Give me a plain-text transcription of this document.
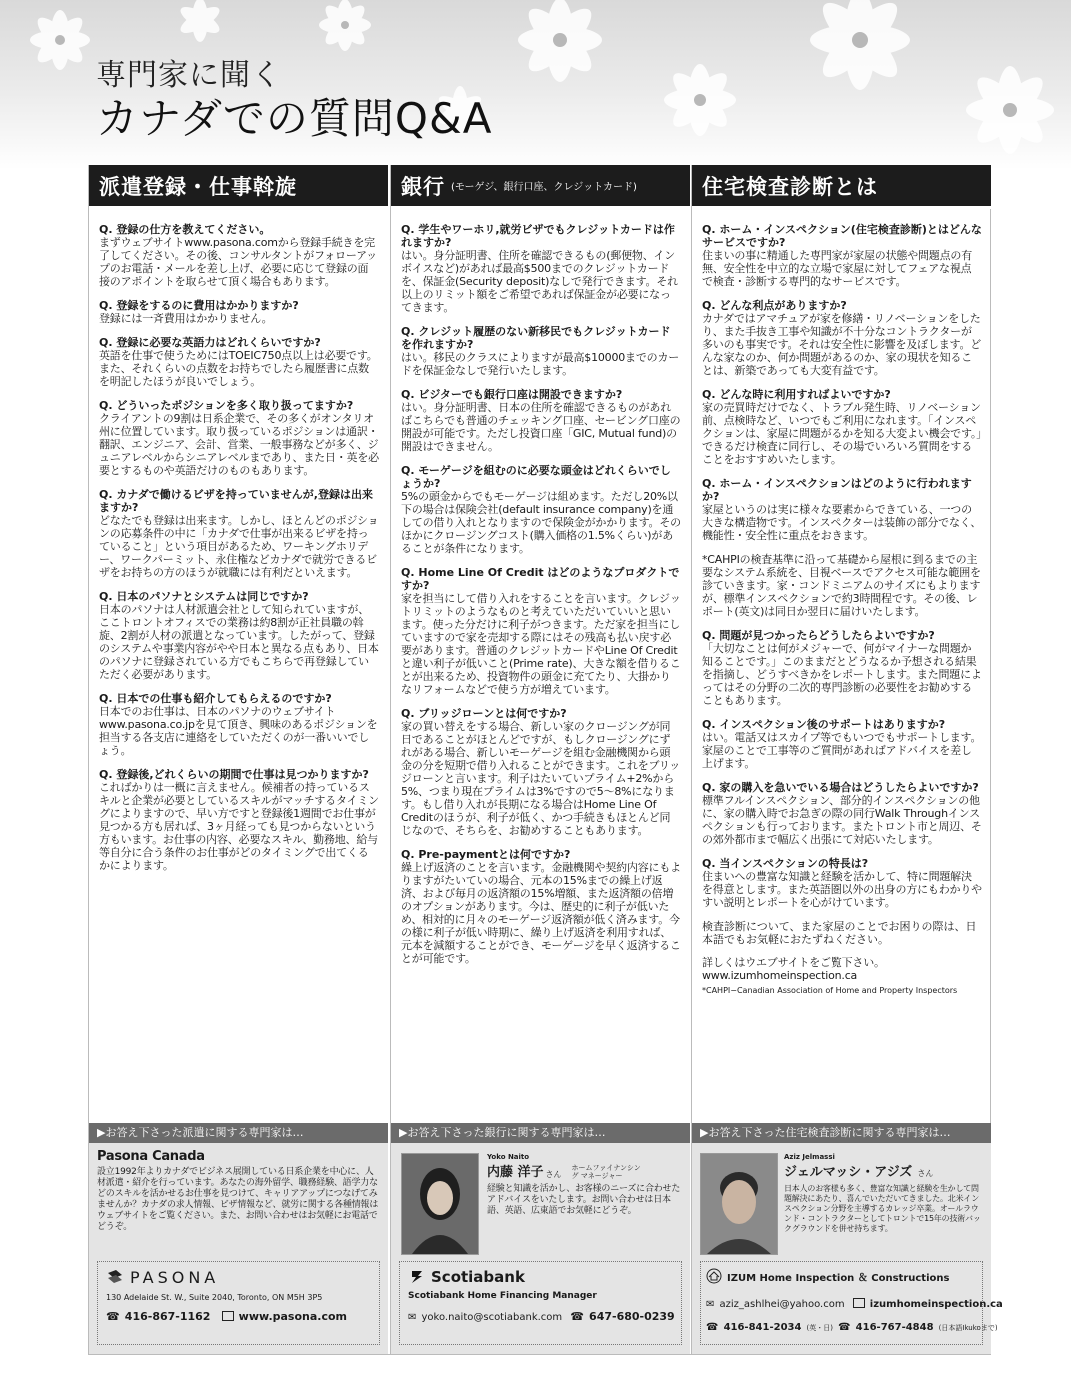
専門家に聞く
カナダでの質問Q&A
派遣登録・仕事斡旋
Q. 登録の仕方を教えてください。
まずウェブサイトwww.pasona.comから登録手続きを完了してください。その後、コンサルタントがフォローアップのお電話・メールを差し上げ、必要に応じて登録の面接のアポイントを取らせて頂く場合もあります。
Q. 登録をするのに費用はかかりますか?
登録には一斉費用はかかりません。
Q. 登録に必要な英語力はどれくらいですか?
英語を仕事で使うためにはTOEIC750点以上は必要です。また、それくらいの点数をお持ちでしたら履歴書に点数を明記したほうが良いでしょう。
Q. どういったポジションを多く取り扱ってますか?
クライアントの9割は日系企業で、その多くがオンタリオ州に位置しています。取り扱っているポジションは通訳・翻訳、エンジニア、会計、営業、一般事務などが多く、ジュニアレベルからシニアレベルまであり、また日・英を必要とするものや英語だけのものもあります。
Q. カナダで働けるビザを持っていませんが,登録は出来ますか?
どなたでも登録は出来ます。しかし、ほとんどのポジションの応募条件の中に「カナダで仕事が出来るビザを持っていること」という項目があるため、ワーキングホリデー、ワークパーミット、永住権などカナダで就労できるビザをお持ちの方のほうが就職には有利だといえます。
Q. 日本のパソナとシステムは同じですか?
日本のパソナは人材派遣会社として知られていますが、ここトロントオフィスでの業務は約8割が正社員職の斡旋、2割が人材の派遣となっています。したがって、登録のシステムや事業内容がやや日本と異なる点もあり、日本のパソナに登録されている方でもこちらで再登録していただく必要があります。
Q. 日本での仕事も紹介してもらえるのですか?
日本でのお仕事は、日本のパソナのウェブサイトwww.pasona.co.jpを見て頂き、興味のあるポジションを担当する各支店に連絡をしていただくのが一番いいでしょう。
Q. 登録後,どれくらいの期間で仕事は見つかりますか?
こればかりは一概に言えません。候補者の持っているスキルと企業が必要としているスキルがマッチするタイミングによりますので、早い方ですと登録後1週間でお仕事が見つかる方も居れば、3ヶ月経っても見つからないという方もいます。お仕事の内容、必要なスキル、勤務地、給与等自分に合う条件のお仕事がどのタイミングで出てくるかによります。
▶お答え下さった派遣に関する専門家は…
Pasona Canada
設立1992年よりカナダでビジネス展開している日系企業を中心に、人材派遣・紹介を行っています。あなたの海外留学、職務経験、語学力などのスキルを活かせるお仕事を見つけて、キャリアアップにつなげてみませんか？カナダの求人情報、ビザ情報など、就労に関する各種情報はウェブサイトをご覧ください。また、お問い合わせはお気軽にお電話でどうぞ。
PASONA
130 Adelaide St. W., Suite 2040, Toronto, ON M5H 3P5
☎ 416-867-1162	www.pasona.com
銀行 (モーゲジ、銀行口座、クレジットカード)
Q. 学生やワーホリ,就労ビザでもクレジットカードは作れますか?
はい。身分証明書、住所を確認できるもの(郵便物、インボイスなど)があれば最高$500までのクレジットカードを、保証金(Security deposit)なしで発行できます。それ以上のリミット額をご希望であれば保証金が必要になってきます。
Q. クレジット履歴のない新移民でもクレジットカードを作れますか?
はい。移民のクラスによりますが最高$10000までのカードを保証金なしで発行いたします。
Q. ビジターでも銀行口座は開設できますか?
はい。身分証明書、日本の住所を確認できるものがあればこちらでも普通のチェッキング口座、セービング口座の開設が可能です。ただし投資口座「GIC, Mutual fund)の開設はできません。
Q. モーゲージを組むのに必要な頭金はどれくらいでしょうか?
5%の頭金からでもモーゲージは組めます。ただし20%以下の場合は保険会社(default insurance company)を通しての借り入れとなりますので保険金がかかります。そのほかにクロージングコスト(購入価格の1.5%くらい)があることが条件になります。
Q. Home Line Of Credit はどのようなプロダクトですか?
家を担当にして借り入れをすることを言います。クレジットリミットのようなものと考えていただいていいと思います。使った分だけに利子がつきます。ただ家を担当にしていますので家を売却する際にはその残高も払い戻す必要があります。普通のクレジットカードやLine Of Creditと違い利子が低いこと(Prime rate)、大きな額を借りることが出来るため、投資物件の頭金に充てたり、大掛かりなリフォームなどで使う方が増えています。
Q. ブリッジローンとは何ですか?
家の買い替えをする場合、新しい家のクロージングが同日であることがほとんどですが、もしクロージングにずれがある場合、新しいモーゲージを組む金融機関から頭金の分を短期で借り入れることができます。これをブリッジローンと言います。利子はたいていプライム+2%から5%、つまり現在プライムは3%ですので5〜8%になります。もし借り入れが長期になる場合はHome Line Of Creditのほうが、利子が低く、かつ手続きもほとんど同じなので、そちらを、お勧めすることもあります。
Q. Pre-paymentとは何ですか?
繰上げ返済のことを言います。金融機関や契約内容にもよりますがたいていの場合、元本の15%までの繰上げ返済、および毎月の返済額の15%増額、また返済額の倍増のオプションがあります。今は、歴史的に利子が低いため、相対的に月々のモーゲージ返済額が低く済みます。今の様に利子が低い時期に、繰り上げ返済を利用すれば、元本を減額することができ、モーゲージを早く返済することが可能です。
▶お答え下さった銀行に関する専門家は…
Yoko Naito
内藤 洋子 さん
ホームファイナンシング マネージャー
経験と知識を活かし、お客様のニーズに合わせたアドバイスをいたします。お問い合わせは日本語、英語、広東語でお気軽にどうぞ。
Scotiabank
Scotiabank Home Financing Manager
✉ yoko.naito@scotiabank.com ☎ 647-680-0239
住宅検査診断とは
Q. ホーム・インスペクション(住宅検査診断)とはどんなサービスですか?
住まいの事に精通した専門家が家屋の状態や問題点の有無、安全性を中立的な立場で家屋に対してフェアな視点で検査・診断する専門的なサービスです。
Q. どんな利点がありますか?
カナダではアマチュアが家を修繕・リノベーションをしたり、また手抜き工事や知識が不十分なコントラクターが多いのも事実です。それは安全性に影響を及ぼします。どんな家なのか、何か問題があるのか、家の現状を知ることは、新築であっても大変有益です。
Q. どんな時に利用すればよいですか?
家の売買時だけでなく、トラブル発生時、リノベーション前、点検時など、いつでもご利用になれます。「インスペクションは、家屋に問題がるかを知る大変よい機会です。」できるだけ検査に同行し、その場でいろいろ質問をすることをおすすめいたします。
Q. ホーム・インスペクションはどのように行われますか?
家屋というのは実に様々な要素からできている、一つの大きな構造物です。インスペクターは装飾の部分でなく、機能性・安全性に重点をおきます。
*CAHPIの検査基準に沿って基礎から屋根に到るまでの主要なシステム系統を、目視ベースでアクセス可能な範囲を診ていきます。家・コンドミニアムのサイズにもよりますが、標準インスペクションで約3時間程です。その後、レポート(英文)は同日か翌日に届けいたします。
Q. 問題が見つかったらどうしたらよいですか?
「大切なことは何がメジャーで、何がマイナーな問題か知ることです。」このままだとどうなるか予想される結果を指摘し、どうすべきかをレポートします。また問題によってはその分野の二次的専門診断の必要性をお勧めすることもあります。
Q. インスペクション後のサポートはありますか?
はい。電話又はスカイプ等でもいつでもサポートします。家屋のことで工事等のご質問があればアドバイスを差し上げます。
Q. 家の購入を急いでいる場合はどうしたらよいですか?
標準フルインスペクション、部分的インスペクションの他に、家の購入時でお急ぎの際の同行Walk Throughインスペクションも行っております。またトロント市と周辺、その郊外都市まで幅広く出張にて対応いたします。
Q. 当インスペクションの特長は?
住まいへの豊富な知識と経験を活かして、特に問題解決を得意とします。また英語圏以外の出身の方にもわかりやすい説明とレポートを心がけています。
検査診断について、また家屋のことでお困りの際は、日本語でもお気軽におたずねください。
詳しくはウエブサイトをご覧下さい。
www.izumhomeinspection.ca
*CAHPI−Canadian Association of Home and Property Inspectors
▶お答え下さった住宅検査診断に関する専門家は…
Aziz Jelmassi
ジェルマッシ・アジズ さん
日本人のお客様も多く、豊富な知識と経験を生かして問題解決にあたり、喜んでいただいてきました。北米インスペクション分野を主導するカレッジ卒業。オールラウンド・コントラクターとしてトロントで15年の技術バックグラウンドを併せ持ちます。
IZUM Home Inspection ＆ Constructions
✉ aziz_ashlhei@yahoo.com	izumhomeinspection.ca
☎ 416-841-2034 (英・日) ☎ 416-767-4848 (日本語Ikukoまで)
